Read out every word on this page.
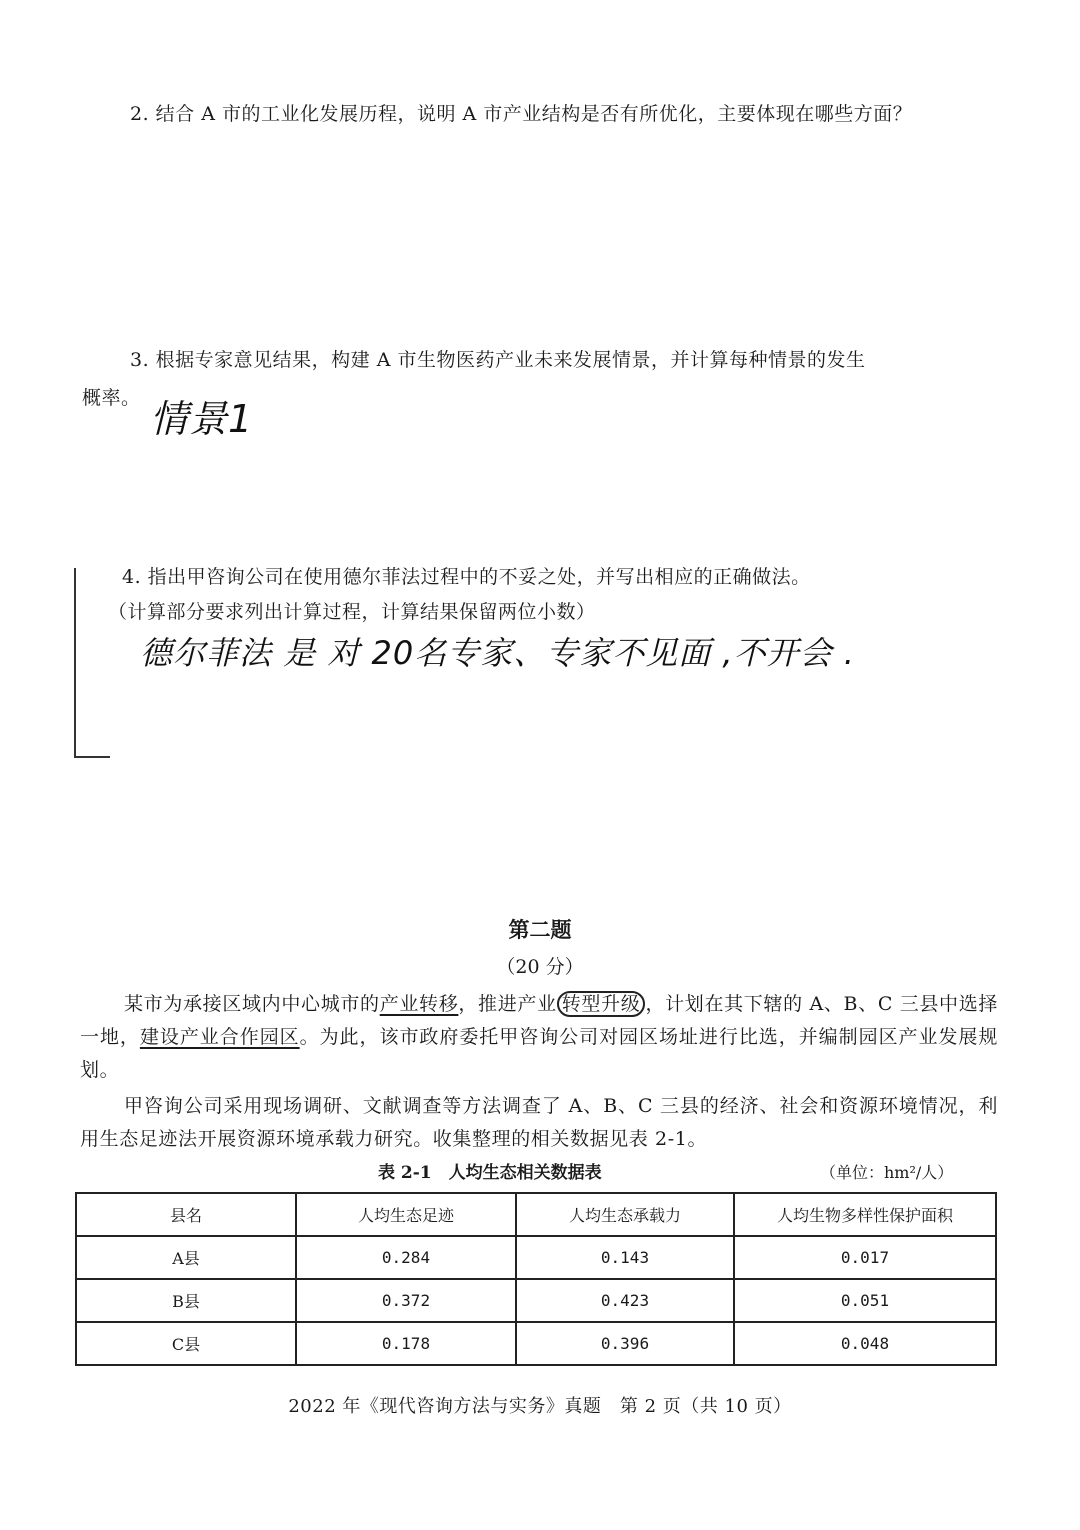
2. 结合 A 市的工业化发展历程，说明 A 市产业结构是否有所优化，主要体现在哪些方面？
3. 根据专家意见结果，构建 A 市生物医药产业未来发展情景，并计算每种情景的发生
概率。 情景1
4. 指出甲咨询公司在使用德尔菲法过程中的不妥之处，并写出相应的正确做法。
（计算部分要求列出计算过程，计算结果保留两位小数）
德尔菲法 是 对 20名专家、专家不见面 ,不开会 .
第二题
（20 分）
某市为承接区域内中心城市的产业转移，推进产业 转型升级 ，计划在其下辖的 A、B、C 三县中选择一地，建设产业合作园区。为此，该市政府委托甲咨询公司对园区场址进行比选，并编制园区产业发展规划。
甲咨询公司采用现场调研、文献调查等方法调查了 A、B、C 三县的经济、社会和资源环境情况，利用生态足迹法开展资源环境承载力研究。收集整理的相关数据见表 2-1。
表 2-1　人均生态相关数据表	（单位：hm²/人）
县名	人均生态足迹	人均生态承载力	人均生物多样性保护面积
A县	0.284	0.143	0.017
B县	0.372	0.423	0.051
C县	0.178	0.396	0.048
2022 年《现代咨询方法与实务》真题　第 2 页（共 10 页）
